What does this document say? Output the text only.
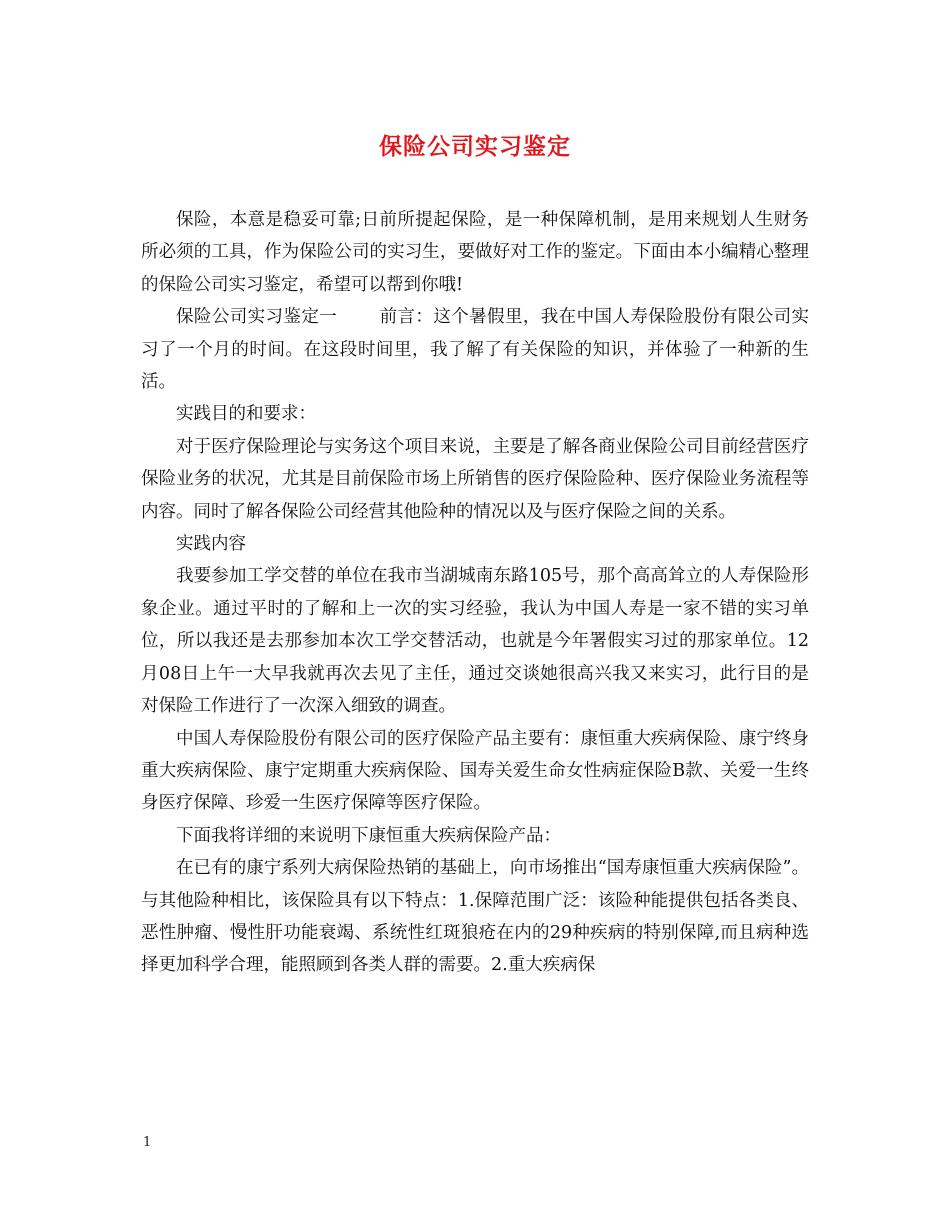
保险公司实习鉴定

保险，本意是稳妥可靠;日前所提起保险，是一种保障机制，是用来规划人生财务所必须的工具，作为保险公司的实习生，要做好对工作的鉴定。下面由本小编精心整理的保险公司实习鉴定，希望可以帮到你哦!

保险公司实习鉴定一 前言：这个暑假里，我在中国人寿保险股份有限公司实习了一个月的时间。在这段时间里，我了解了有关保险的知识，并体验了一种新的生活。

实践目的和要求：

对于医疗保险理论与实务这个项目来说，主要是了解各商业保险公司目前经营医疗保险业务的状况，尤其是目前保险市场上所销售的医疗保险险种、医疗保险业务流程等内容。同时了解各保险公司经营其他险种的情况以及与医疗保险之间的关系。

实践内容

我要参加工学交替的单位在我市当湖城南东路105号，那个高高耸立的人寿保险形象企业。通过平时的了解和上一次的实习经验，我认为中国人寿是一家不错的实习单位，所以我还是去那参加本次工学交替活动，也就是今年署假实习过的那家单位。12月08日上午一大早我就再次去见了主任，通过交谈她很高兴我又来实习，此行目的是对保险工作进行了一次深入细致的调查。

中国人寿保险股份有限公司的医疗保险产品主要有：康恒重大疾病保险、康宁终身重大疾病保险、康宁定期重大疾病保险、国寿关爱生命女性病症保险B款、关爱一生终身医疗保障、珍爱一生医疗保障等医疗保险。

下面我将详细的来说明下康恒重大疾病保险产品：

在已有的康宁系列大病保险热销的基础上，向市场推出“国寿康恒重大疾病保险”。与其他险种相比，该保险具有以下特点：1.保障范围广泛：该险种能提供包括各类良、恶性肿瘤、慢性肝功能衰竭、系统性红斑狼疮在内的29种疾病的特别保障,而且病种选择更加科学合理，能照顾到各类人群的需要。2.重大疾病保

1
